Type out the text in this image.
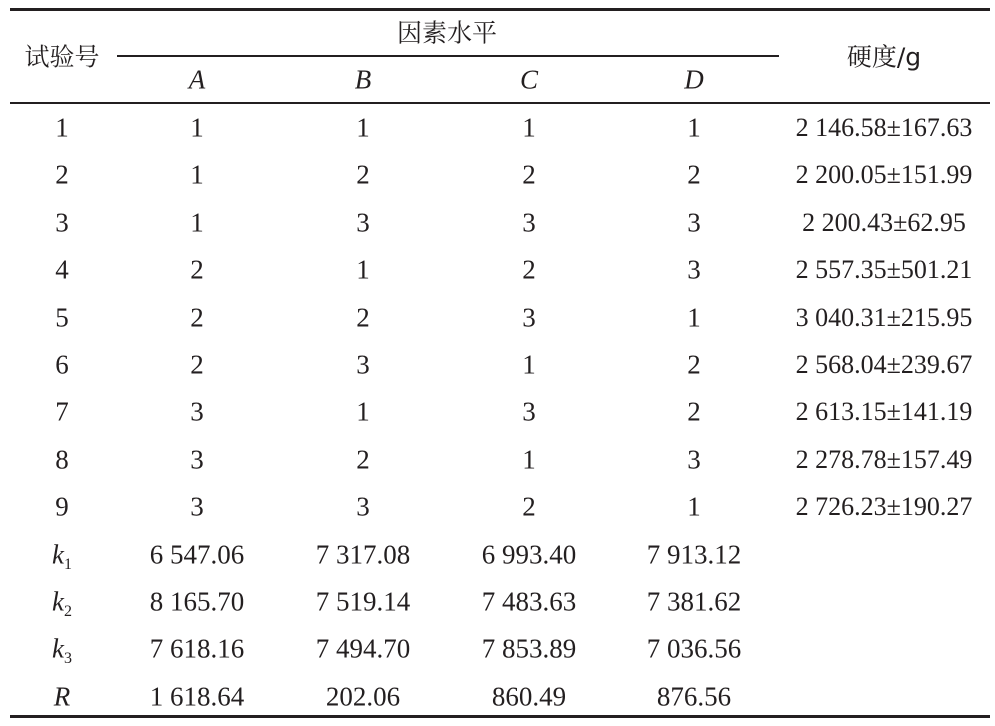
试验号
因素水平
硬度/g
A	B	C	D
1	1	1	1	1	2 146.58±167.63
2	1	2	2	2	2 200.05±151.99
3	1	3	3	3	2 200.43±62.95
4	2	1	2	3	2 557.35±501.21
5	2	2	3	1	3 040.31±215.95
6	2	3	1	2	2 568.04±239.67
7	3	1	3	2	2 613.15±141.19
8	3	2	1	3	2 278.78±157.49
9	3	3	2	1	2 726.23±190.27
$k_1$	6 547.06	7 317.08	6 993.40	7 913.12
$k_2$	8 165.70	7 519.14	7 483.63	7 381.62
$k_3$	7 618.16	7 494.70	7 853.89	7 036.56
R	1 618.64	202.06	860.49	876.56
